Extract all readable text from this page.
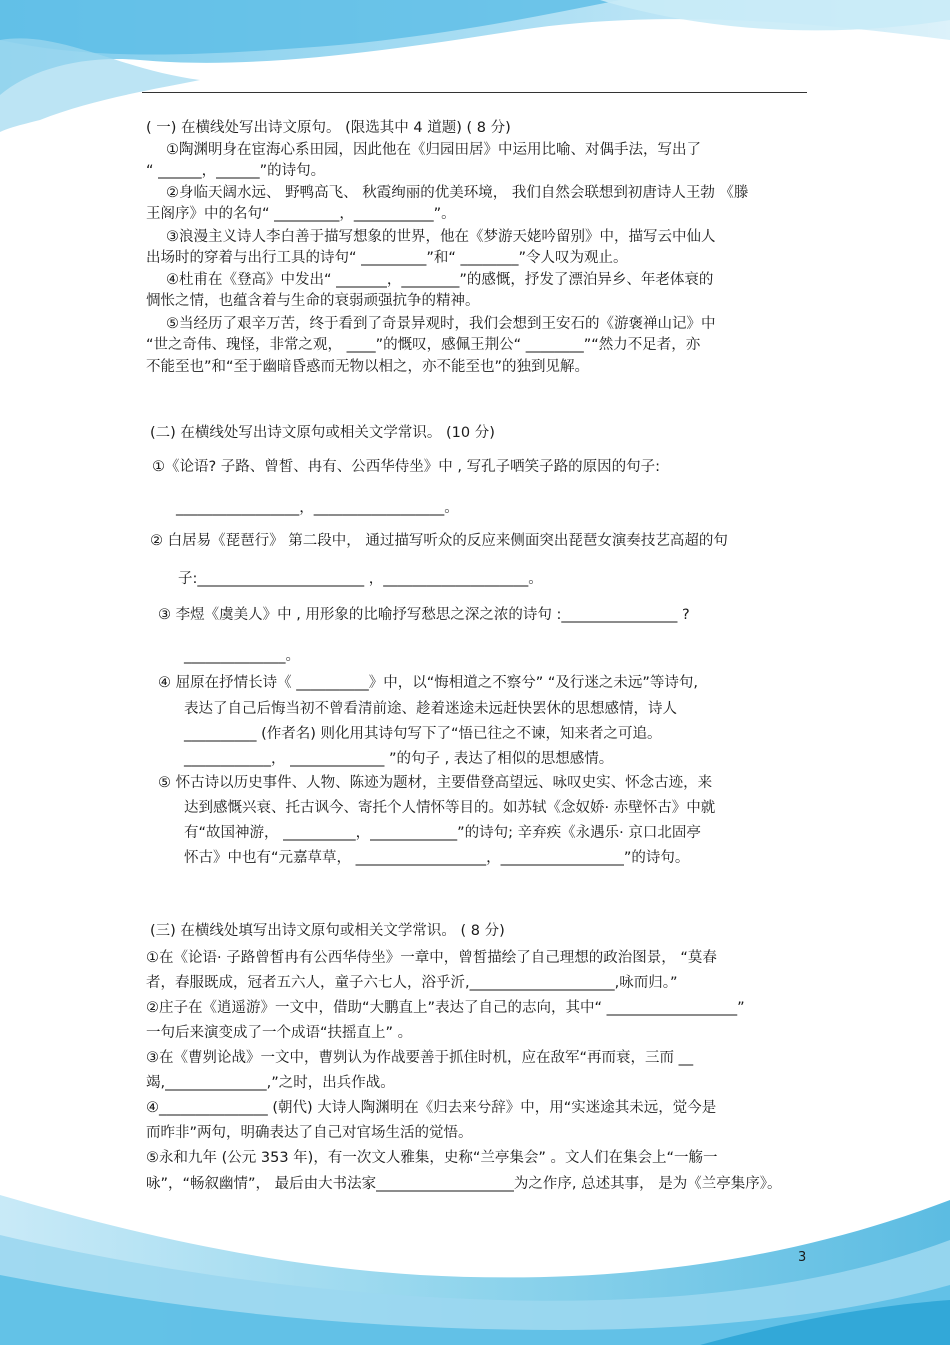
( 一) 在横线处写出诗文原句。 (限选其中 4 道题) ( 8 分)
①陶渊明身在宦海心系田园，因此他在《归园田居》中运用比喻、对偶手法，写出了
“ ______，______”的诗句。
②身临天阔水远、 野鸭高飞、 秋霞绚丽的优美环境， 我们自然会联想到初唐诗人王勃 《滕
王阁序》中的名句“ _________，___________”。
③浪漫主义诗人李白善于描写想象的世界，他在《梦游天姥吟留别》中，描写云中仙人
出场时的穿着与出行工具的诗句“ _________”和“ ________”令人叹为观止。
④杜甫在《登高》中发出“ _______，________”的感慨，抒发了漂泊异乡、年老体衰的
惆怅之情，也蕴含着与生命的衰弱顽强抗争的精神。
⑤当经历了艰辛万苦，终于看到了奇景异观时，我们会想到王安石的《游褒禅山记》中
“世之奇伟、瑰怪，非常之观， ____”的慨叹，感佩王荆公“ ________”“然力不足者，亦
不能至也”和“至于幽暗昏惑而无物以相之，亦不能至也”的独到见解。
(二) 在横线处写出诗文原句或相关文学常识。 (10 分)
①《论语? 子路、曾皙、冉有、公西华侍坐》中 , 写孔子哂笑子路的原因的句子:
_________________，__________________。
② 白居易《琵琶行》 第二段中， 通过描写听众的反应来侧面突出琵琶女演奏技艺高超的句
子:_______________________ ，____________________。
③ 李煜《虞美人》中 , 用形象的比喻抒写愁思之深之浓的诗句 :________________ ?
______________。
④ 屈原在抒情长诗《 __________》中，以“悔相道之不察兮” “及行迷之未远”等诗句,
表达了自己后悔当初不曾看清前途、趁着迷途未远赶快罢休的思想感情，诗人
__________ (作者名) 则化用其诗句写下了“悟已往之不谏，知来者之可追。
____________， _____________ ”的句子 , 表达了相似的思想感情。
⑤ 怀古诗以历史事件、人物、陈迹为题材，主要借登高望远、咏叹史实、怀念古迹，来
达到感慨兴衰、托古讽今、寄托个人情怀等目的。如苏轼《念奴娇· 赤壁怀古》中就
有“故国神游， __________，____________”的诗句; 辛弃疾《永遇乐· 京口北固亭
怀古》中也有“元嘉草草， __________________，_________________”的诗句。
(三) 在横线处填写出诗文原句或相关文学常识。 ( 8 分)
①在《论语· 子路曾皙冉有公西华侍坐》一章中，曾皙描绘了自己理想的政治图景， “莫春
者，春服既成，冠者五六人，童子六七人，浴乎沂,____________________,咏而归。”
②庄子在《逍遥游》一文中，借助“大鹏直上”表达了自己的志向，其中“ __________________”
一句后来演变成了一个成语“扶摇直上” 。
③在《曹刿论战》一文中，曹刿认为作战要善于抓住时机，应在敌军“再而衰，三而 __
竭,______________,”之时，出兵作战。
④_______________ (朝代) 大诗人陶渊明在《归去来兮辞》中，用“实迷途其未远，觉今是
而昨非”两句，明确表达了自己对官场生活的觉悟。
⑤永和九年 (公元 353 年)，有一次文人雅集，史称“兰亭集会” 。文人们在集会上“一觞一
咏”，“畅叙幽情”， 最后由大书法家___________________为之作序, 总述其事， 是为《兰亭集序》。
3
